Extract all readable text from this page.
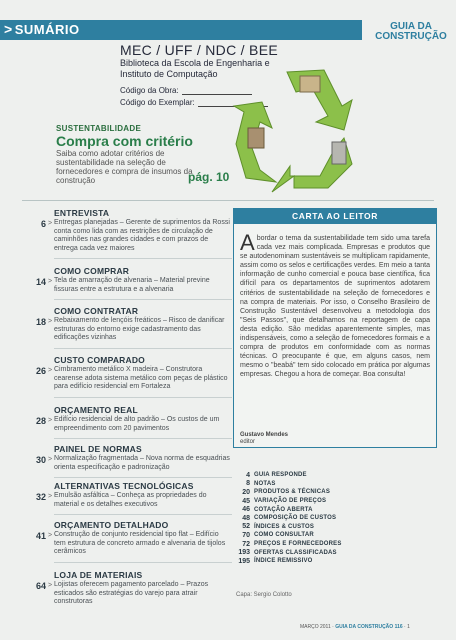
> SUMÁRIO	GUIA DA
CONSTRUÇÃO
MEC / UFF / NDC / BEE
Biblioteca da Escola de Engenharia e Instituto de Computação
Código da Obra:
Código do Exemplar:
SUSTENTABILIDADE
Compra com critério
Saiba como adotar critérios de sustentabilidade na seleção de fornecedores e compra de insumos da construção	pág. 10
ENTREVISTA
6 > Entregas planejadas – Gerente de suprimentos da Rossi conta como lida com as restrições de circulação de caminhões nas grandes cidades e com prazos de entrega cada vez maiores
COMO COMPRAR
14 > Tela de amarração de alvenaria – Material previne fissuras entre a estrutura e a alvenaria
COMO CONTRATAR
18 > Rebaixamento de lençóis freáticos – Risco de danificar estruturas do entorno exige cadastramento das edificações vizinhas
CUSTO COMPARADO
26 > Cimbramento metálico X madeira – Construtora cearense adota sistema metálico com peças de plástico para edifício residencial em Fortaleza
ORÇAMENTO REAL
28 > Edifício residencial de alto padrão – Os custos de um empreendimento com 20 pavimentos
PAINEL DE NORMAS
30 > Normalização fragmentada – Nova norma de esquadrias orienta especificação e padronização
ALTERNATIVAS TECNOLÓGICAS
32 > Emulsão asfáltica – Conheça as propriedades do material e os detalhes executivos
ORÇAMENTO DETALHADO
41 > Construção de conjunto residencial tipo flat – Edifício tem estrutura de concreto armado e alvenaria de tijolos cerâmicos
LOJA DE MATERIAIS
64 > Lojistas oferecem pagamento parcelado – Prazos esticados são estratégias do varejo para atrair construtoras
CARTA AO LEITOR
Abordar o tema da sustentabilidade tem sido uma tarefa cada vez mais complicada. Empresas e produtos que se autodenominam sustentáveis se multiplicam rapidamente, assim como os selos e certificações verdes. Em meio a tanta informação de cunho comercial e pouca base científica, fica difícil para os departamentos de suprimentos adotarem critérios de sustentabilidade na seleção de fornecedores e na compra de materiais. Por isso, o Conselho Brasileiro de Construção Sustentável desenvolveu a metodologia dos "Seis Passos", que detalhamos na reportagem de capa desta edição. São medidas aparentemente simples, mas indispensáveis, como a seleção de fornecedores formais e a compra de produtos em conformidade com as normas técnicas. O preocupante é que, em alguns casos, nem mesmo o "beabá" tem sido colocado em prática por algumas empresas. Chegou a hora de começar. Boa consulta!
Gustavo Mendes
editor
4 GUIA RESPONDE
8 NOTAS
20 PRODUTOS & TÉCNICAS
45 VARIAÇÃO DE PREÇOS
46 COTAÇÃO ABERTA
48 COMPOSIÇÃO DE CUSTOS
52 ÍNDICES & CUSTOS
70 COMO CONSULTAR
72 PREÇOS E FORNECEDORES
193 OFERTAS CLASSIFICADAS
195 ÍNDICE REMISSIVO
Capa: Sergio Colotto
MARÇO 2011 · GUIA DA CONSTRUÇÃO 116 · 1
